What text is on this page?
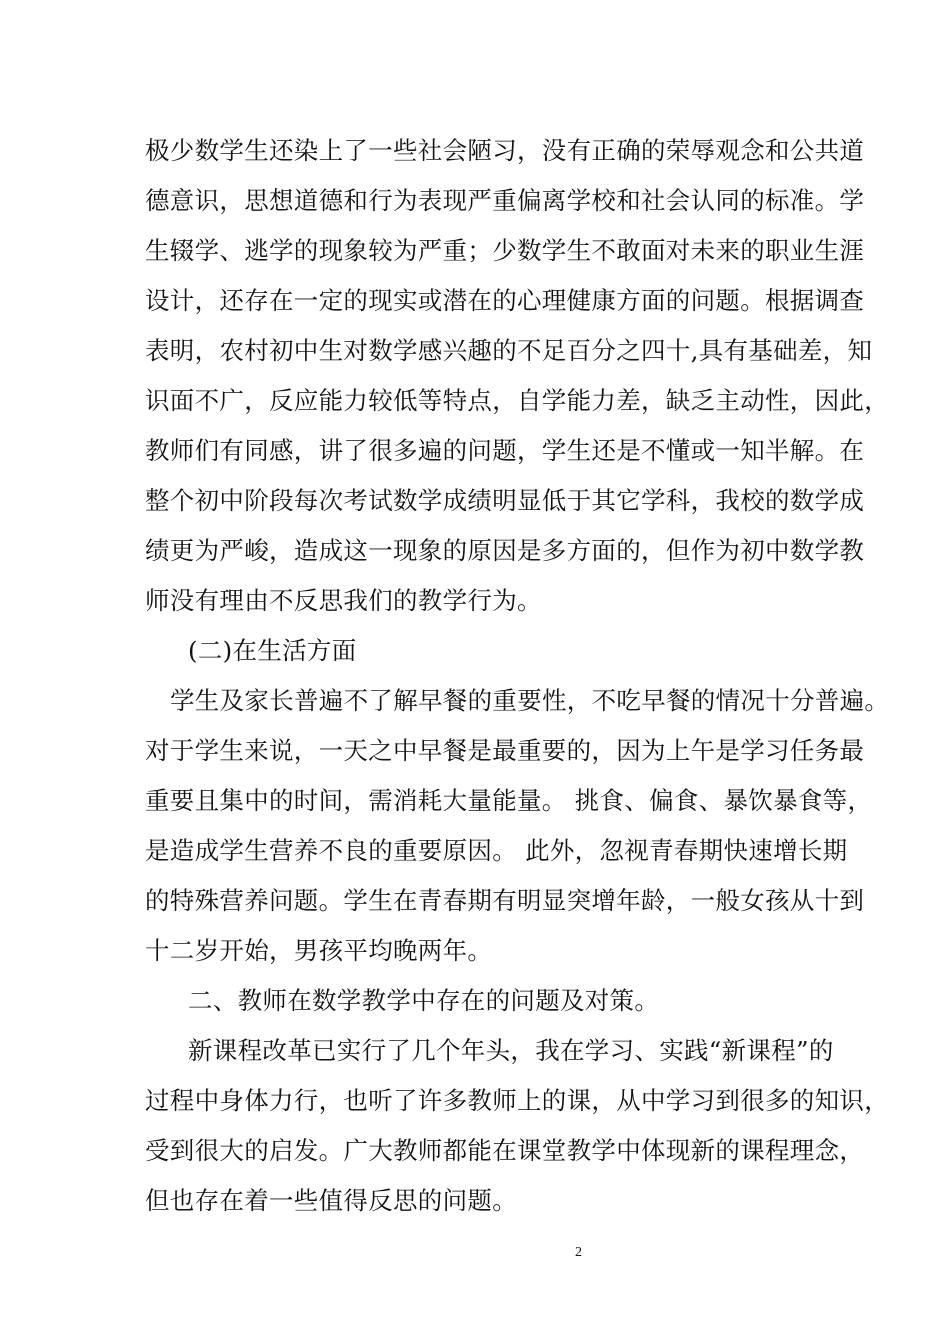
极少数学生还染上了一些社会陋习，没有正确的荣辱观念和公共道
德意识，思想道德和行为表现严重偏离学校和社会认同的标准。学
生辍学、逃学的现象较为严重；少数学生不敢面对未来的职业生涯
设计，还存在一定的现实或潜在的心理健康方面的问题。根据调查
表明，农村初中生对数学感兴趣的不足百分之四十,具有基础差，知
识面不广，反应能力较低等特点，自学能力差，缺乏主动性，因此，
教师们有同感，讲了很多遍的问题，学生还是不懂或一知半解。在
整个初中阶段每次考试数学成绩明显低于其它学科，我校的数学成
绩更为严峻，造成这一现象的原因是多方面的，但作为初中数学教
师没有理由不反思我们的教学行为。
(二)在生活方面
学生及家长普遍不了解早餐的重要性，不吃早餐的情况十分普遍。
对于学生来说，一天之中早餐是最重要的，因为上午是学习任务最
重要且集中的时间，需消耗大量能量。 挑食、偏食、暴饮暴食等，
是造成学生营养不良的重要原因。 此外，忽视青春期快速增长期
的特殊营养问题。学生在青春期有明显突增年龄，一般女孩从十到
十二岁开始，男孩平均晚两年。
二、教师在数学教学中存在的问题及对策。
新课程改革已实行了几个年头，我在学习、实践“新课程”的
过程中身体力行，也听了许多教师上的课，从中学习到很多的知识，
受到很大的启发。广大教师都能在课堂教学中体现新的课程理念，
但也存在着一些值得反思的问题。
2
